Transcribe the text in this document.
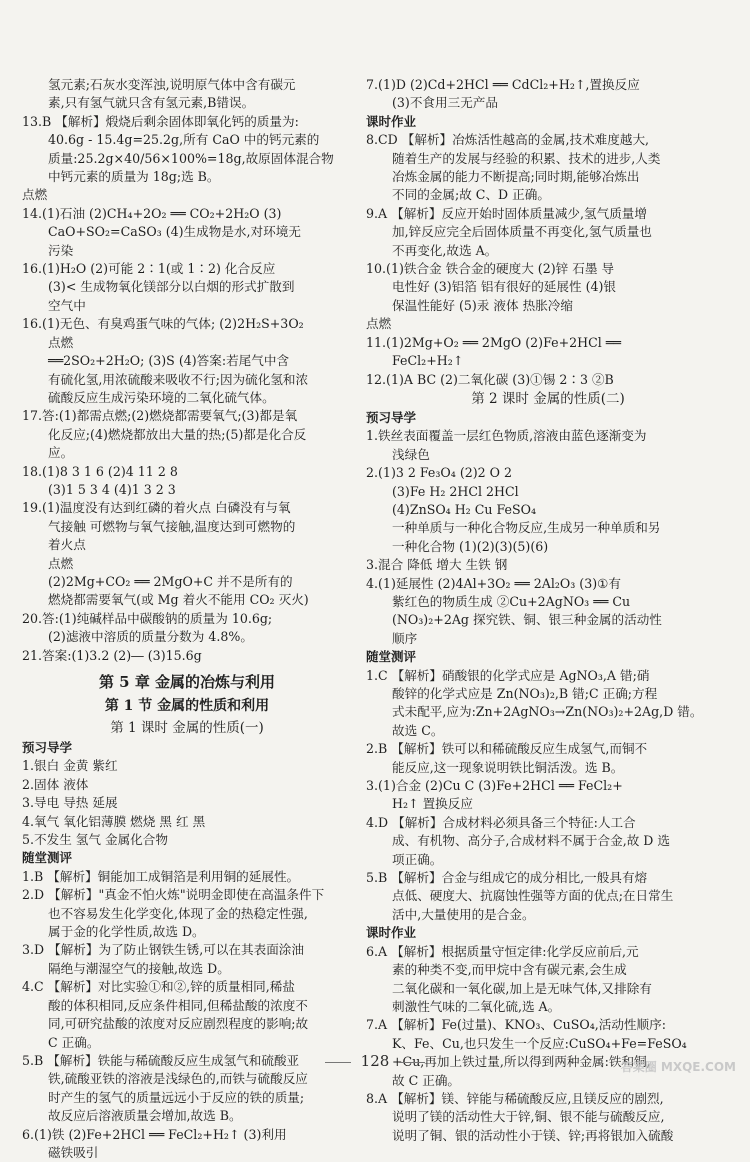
氢元素;石灰水变浑浊,说明原气体中含有碳元
素,只有氢气就只含有氢元素,B错误。
13.B 【解析】煅烧后剩余固体即氧化钙的质量为:
40.6g - 15.4g=25.2g,所有 CaO 中的钙元素的
质量:25.2g×40/56×100%=18g,故原固体混合物
中钙元素的质量为 18g;选 B。
点燃
14.(1)石油 (2)CH₄+2O₂ ══ CO₂+2H₂O (3)
CaO+SO₂=CaSO₃ (4)生成物是水,对环境无
污染
16.(1)H₂O (2)可能 2∶1(或 1∶2) 化合反应
(3)< 生成物氧化镁部分以白烟的形式扩散到
空气中
16.(1)无色、有臭鸡蛋气味的气体; (2)2H₂S+3O₂
点燃
══2SO₂+2H₂O; (3)S (4)答案:若尾气中含
有硫化氢,用浓硫酸来吸收不行;因为硫化氢和浓
硫酸反应生成污染环境的二氧化硫气体。
17.答:(1)都需点燃;(2)燃烧都需要氧气;(3)都是氧
化反应;(4)燃烧都放出大量的热;(5)都是化合反
应。
18.(1)8 3 1 6 (2)4 11 2 8
(3)1 5 3 4 (4)1 3 2 3
19.(1)温度没有达到红磷的着火点 白磷没有与氧
气接触 可燃物与氧气接触,温度达到可燃物的
着火点
点燃
(2)2Mg+CO₂ ══ 2MgO+C 并不是所有的
燃烧都需要氧气(或 Mg 着火不能用 CO₂ 灭火)
20.答:(1)纯碱样品中碳酸钠的质量为 10.6g;
(2)滤液中溶质的质量分数为 4.8%。
21.答案:(1)3.2 (2)― (3)15.6g
第 5 章 金属的冶炼与利用
第 1 节 金属的性质和利用
第 1 课时 金属的性质(一)
预习导学
1.银白 金黄 紫红
2.固体 液体
3.导电 导热 延展
4.氧气 氧化铝薄膜 燃烧 黑 红 黑
5.不发生 氢气 金属化合物
随堂测评
1.B 【解析】铜能加工成铜箔是利用铜的延展性。
2.D 【解析】"真金不怕火炼"说明金即使在高温条件下
也不容易发生化学变化,体现了金的热稳定性强,
属于金的化学性质,故选 D。
3.D 【解析】为了防止钢铁生锈,可以在其表面涂油
隔绝与潮湿空气的接触,故选 D。
4.C 【解析】对比实验①和②,锌的质量相同,稀盐
酸的体积相同,反应条件相同,但稀盐酸的浓度不
同,可研究盐酸的浓度对反应剧烈程度的影响;故
C 正确。
5.B 【解析】铁能与稀硫酸反应生成氢气和硫酸亚
铁,硫酸亚铁的溶液是浅绿色的,而铁与硫酸反应
时产生的氢气的质量远远小于反应的铁的质量;
故反应后溶液质量会增加,故选 B。
6.(1)铁 (2)Fe+2HCl ══ FeCl₂+H₂↑ (3)利用
磁铁吸引
7.(1)D (2)Cd+2HCl ══ CdCl₂+H₂↑,置换反应
(3)不食用三无产品
课时作业
8.CD 【解析】冶炼活性越高的金属,技术难度越大,
随着生产的发展与经验的积累、技术的进步,人类
冶炼金属的能力不断提高;同时期,能够冶炼出
不同的金属;故 C、D 正确。
9.A 【解析】反应开始时固体质量减少,氢气质量增
加,锌反应完全后固体质量不再变化,氢气质量也
不再变化,故选 A。
10.(1)铁合金 铁合金的硬度大 (2)锌 石墨 导
电性好 (3)铝箔 铝有很好的延展性 (4)银
保温性能好 (5)汞 液体 热胀冷缩
点燃
11.(1)2Mg+O₂ ══ 2MgO (2)Fe+2HCl ══
FeCl₂+H₂↑
12.(1)A BC (2)二氧化碳 (3)①锡 2∶3 ②B
第 2 课时 金属的性质(二)
预习导学
1.铁丝表面覆盖一层红色物质,溶液由蓝色逐渐变为
浅绿色
2.(1)3 2 Fe₃O₄ (2)2 O 2
(3)Fe H₂ 2HCl 2HCl
(4)ZnSO₄ H₂ Cu FeSO₄
一种单质与一种化合物反应,生成另一种单质和另
一种化合物 (1)(2)(3)(5)(6)
3.混合 降低 增大 生铁 钢
4.(1)延展性 (2)4Al+3O₂ ══ 2Al₂O₃ (3)①有
紫红色的物质生成 ②Cu+2AgNO₃ ══ Cu
(NO₃)₂+2Ag 探究铁、铜、银三种金属的活动性
顺序
随堂测评
1.C 【解析】硝酸银的化学式应是 AgNO₃,A 错;硝
酸锌的化学式应是 Zn(NO₃)₂,B 错;C 正确;方程
式未配平,应为:Zn+2AgNO₃→Zn(NO₃)₂+2Ag,D 错。
故选 C。
2.B 【解析】铁可以和稀硫酸反应生成氢气,而铜不
能反应,这一现象说明铁比铜活泼。选 B。
3.(1)合金 (2)Cu C (3)Fe+2HCl ══ FeCl₂+
H₂↑ 置换反应
4.D 【解析】合成材料必须具备三个特征:人工合
成、有机物、高分子,合成材料不属于合金,故 D 选
项正确。
5.B 【解析】合金与组成它的成分相比,一般具有熔
点低、硬度大、抗腐蚀性强等方面的优点;在日常生
活中,大量使用的是合金。
课时作业
6.A 【解析】根据质量守恒定律:化学反应前后,元
素的种类不变,而甲烷中含有碳元素,会生成
二氧化碳和一氧化碳,加上是无味气体,又排除有
刺激性气味的二氧化硫,选 A。
7.A 【解析】Fe(过量)、KNO₃、CuSO₄,活动性顺序:
K、Fe、Cu,也只发生一个反应:CuSO₄+Fe=FeSO₄
+Cu,再加上铁过量,所以得到两种金属:铁和铜,
故 C 正确。
8.A 【解析】镁、锌能与稀硫酸反应,且镁反应的剧烈,
说明了镁的活动性大于锌,铜、银不能与硫酸反应,
说明了铜、银的活动性小于镁、锌;再将银加入硫酸
128	答案圈 MXQE.COM
